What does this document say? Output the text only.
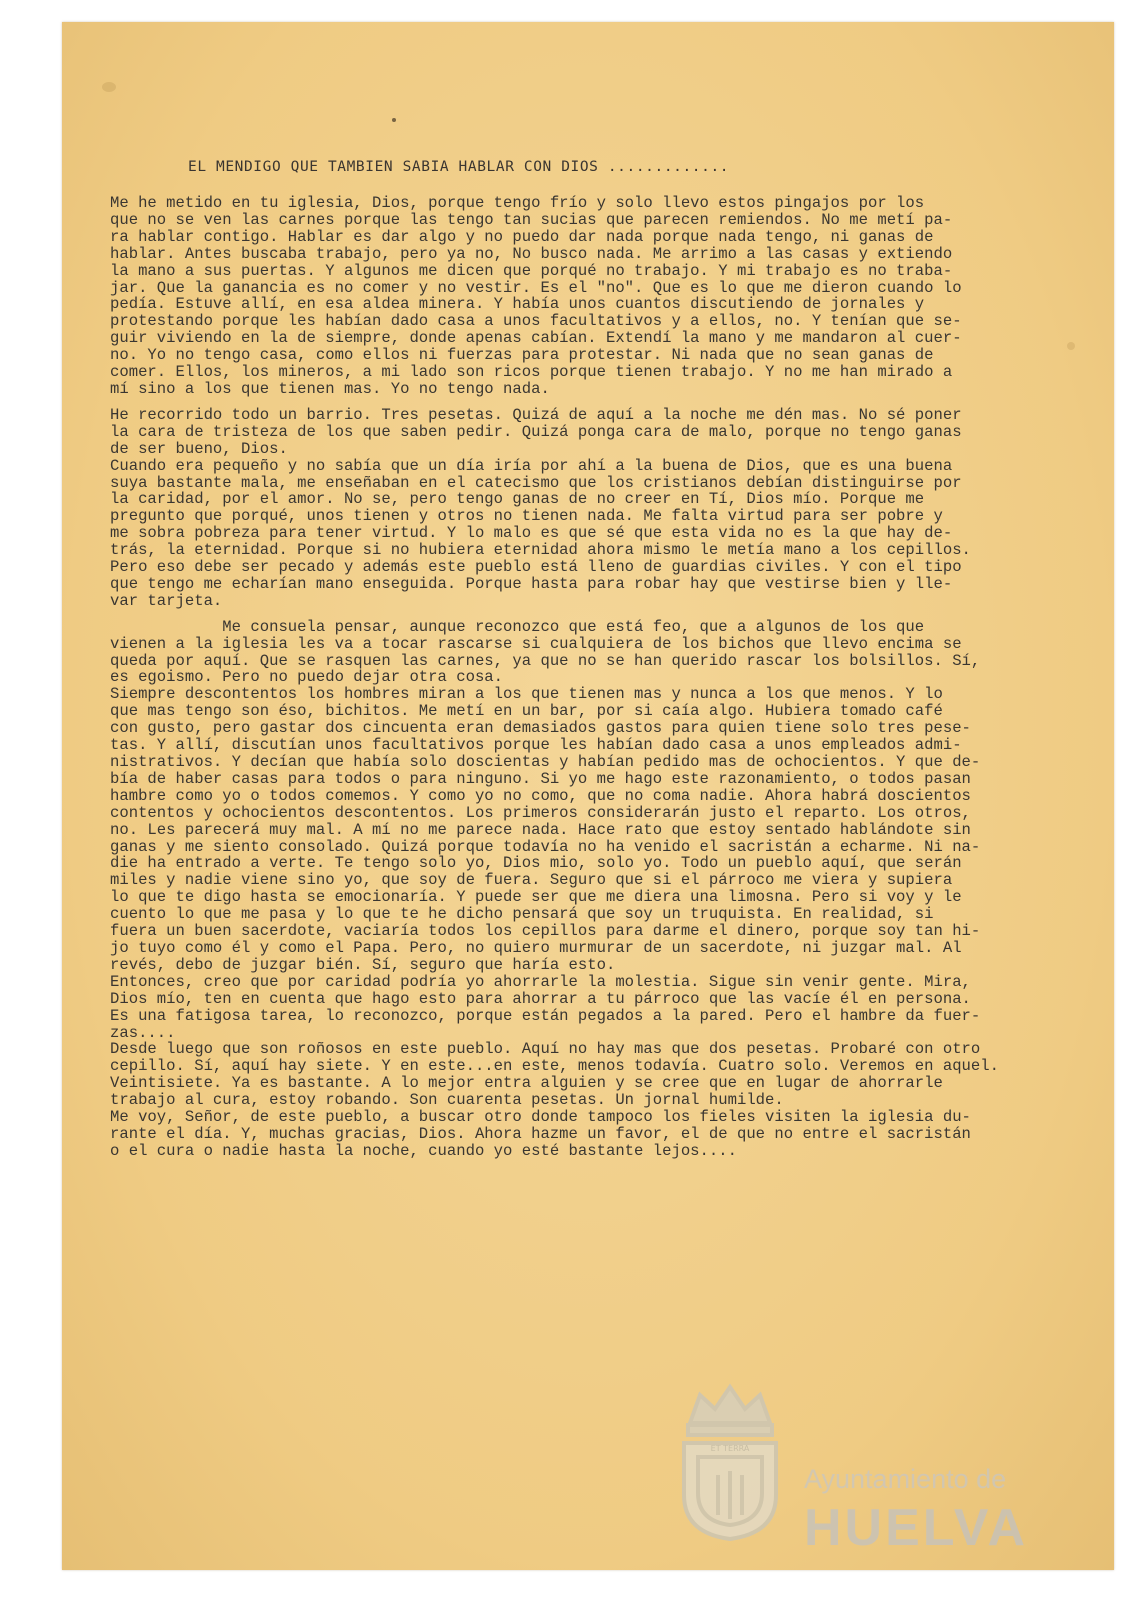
EL MENDIGO QUE TAMBIEN SABIA HABLAR CON DIOS .............

Me he metido en tu iglesia, Dios, porque tengo frío y solo llevo estos pingajos por los
que no se ven las carnes porque las tengo tan sucias que parecen remiendos. No me metí pa-
ra hablar contigo. Hablar es dar algo y no puedo dar nada porque nada tengo, ni ganas de
hablar. Antes buscaba trabajo, pero ya no, No busco nada. Me arrimo a las casas y extiendo
la mano a sus puertas. Y algunos me dicen que porqué no trabajo. Y mi trabajo es no traba-
jar. Que la ganancia es no comer y no vestir. Es el "no". Que es lo que me dieron cuando lo
pedía. Estuve allí, en esa aldea minera. Y había unos cuantos discutiendo de jornales y
protestando porque les habían dado casa a unos facultativos y a ellos, no. Y tenían que se-
guir viviendo en la de siempre, donde apenas cabían. Extendí la mano y me mandaron al cuer-
no. Yo no tengo casa, como ellos ni fuerzas para protestar. Ni nada que no sean ganas de
comer. Ellos, los mineros, a mi lado son ricos porque tienen trabajo. Y no me han mirado a
mí sino a los que tienen mas. Yo no tengo nada.

He recorrido todo un barrio. Tres pesetas. Quizá de aquí a la noche me dén mas. No sé poner
la cara de tristeza de los que saben pedir. Quizá ponga cara de malo, porque no tengo ganas
de ser bueno, Dios.
Cuando era pequeño y no sabía que un día iría por ahí a la buena de Dios, que es una buena
suya bastante mala, me enseñaban en el catecismo que los cristianos debían distinguirse por
la caridad, por el amor. No se, pero tengo ganas de no creer en Tí, Dios mío. Porque me
pregunto que porqué, unos tienen y otros no tienen nada. Me falta virtud para ser pobre y
me sobra pobreza para tener virtud. Y lo malo es que sé que esta vida no es la que hay de-
trás, la eternidad. Porque si no hubiera eternidad ahora mismo le metía mano a los cepillos.
Pero eso debe ser pecado y además este pueblo está lleno de guardias civiles. Y con el tipo
que tengo me echarían mano enseguida. Porque hasta para robar hay que vestirse bien y lle-
var tarjeta.

Me consuela pensar, aunque reconozco que está feo, que a algunos de los que
vienen a la iglesia les va a tocar rascarse si cualquiera de los bichos que llevo encima se
queda por aquí. Que se rasquen las carnes, ya que no se han querido rascar los bolsillos. Sí,
es egoismo. Pero no puedo dejar otra cosa.
Siempre descontentos los hombres miran a los que tienen mas y nunca a los que menos. Y lo
que mas tengo son éso, bichitos. Me metí en un bar, por si caía algo. Hubiera tomado café
con gusto, pero gastar dos cincuenta eran demasiados gastos para quien tiene solo tres pese-
tas. Y allí, discutían unos facultativos porque les habían dado casa a unos empleados admi-
nistrativos. Y decían que había solo doscientas y habían pedido mas de ochocientos. Y que de-
bía de haber casas para todos o para ninguno. Si yo me hago este razonamiento, o todos pasan
hambre como yo o todos comemos. Y como yo no como, que no coma nadie. Ahora habrá doscientos
contentos y ochocientos descontentos. Los primeros considerarán justo el reparto. Los otros,
no. Les parecerá muy mal. A mí no me parece nada. Hace rato que estoy sentado hablándote sin
ganas y me siento consolado. Quizá porque todavía no ha venido el sacristán a echarme. Ni na-
die ha entrado a verte. Te tengo solo yo, Dios mio, solo yo. Todo un pueblo aquí, que serán
miles y nadie viene sino yo, que soy de fuera. Seguro que si el párroco me viera y supiera
lo que te digo hasta se emocionaría. Y puede ser que me diera una limosna. Pero si voy y le
cuento lo que me pasa y lo que te he dicho pensará que soy un truquista. En realidad, si
fuera un buen sacerdote, vaciaría todos los cepillos para darme el dinero, porque soy tan hi-
jo tuyo como él y como el Papa. Pero, no quiero murmurar de un sacerdote, ni juzgar mal. Al
revés, debo de juzgar bién. Sí, seguro que haría esto.
Entonces, creo que por caridad podría yo ahorrarle la molestia. Sigue sin venir gente. Mira,
Dios mío, ten en cuenta que hago esto para ahorrar a tu párroco que las vacíe él en persona.
Es una fatigosa tarea, lo reconozco, porque están pegados a la pared. Pero el hambre da fuer-
zas....
Desde luego que son roñosos en este pueblo. Aquí no hay mas que dos pesetas. Probaré con otro
cepillo. Sí, aquí hay siete. Y en este...en este, menos todavía. Cuatro solo. Veremos en aquel.
Veintisiete. Ya es bastante. A lo mejor entra alguien y se cree que en lugar de ahorrarle
trabajo al cura, estoy robando. Son cuarenta pesetas. Un jornal humilde.
Me voy, Señor, de este pueblo, a buscar otro donde tampoco los fieles visiten la iglesia du-
rante el día. Y, muchas gracias, Dios. Ahora hazme un favor, el de que no entre el sacristán
o el cura o nadie hasta la noche, cuando yo esté bastante lejos....

ET TERRA
Ayuntamiento de
HUELVA
